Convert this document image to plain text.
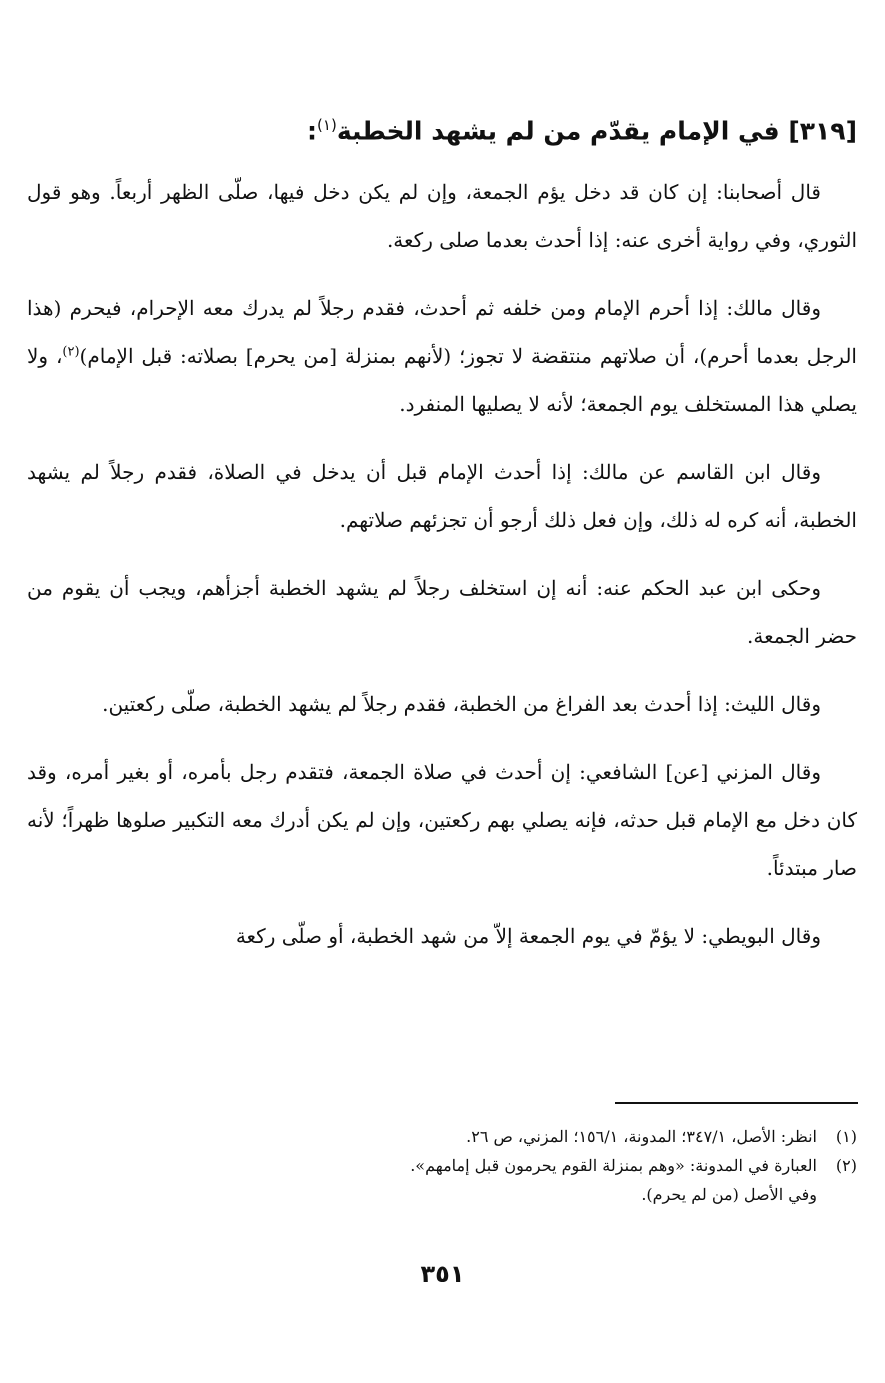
[٣١٩] في الإمام يقدّم من لم يشهد الخطبة$^{(١)}$:

قال أصحابنا: إن كان قد دخل يؤم الجمعة، وإن لم يكن دخل فيها، صلّى الظهر أربعاً. وهو قول الثوري، وفي رواية أخرى عنه: إذا أحدث بعدما صلى ركعة.

وقال مالك: إذا أحرم الإمام ومن خلفه ثم أحدث، فقدم رجلاً لم يدرك معه الإحرام، فيحرم (هذا الرجل بعدما أحرم)، أن صلاتهم منتقضة لا تجوز؛ (لأنهم بمنزلة [من يحرم] بصلاته: قبل الإمام)$^{(٢)}$، ولا يصلي هذا المستخلف يوم الجمعة؛ لأنه لا يصليها المنفرد.

وقال ابن القاسم عن مالك: إذا أحدث الإمام قبل أن يدخل في الصلاة، فقدم رجلاً لم يشهد الخطبة، أنه كره له ذلك، وإن فعل ذلك أرجو أن تجزئهم صلاتهم.

وحكى ابن عبد الحكم عنه: أنه إن استخلف رجلاً لم يشهد الخطبة أجزأهم، ويجب أن يقوم من حضر الجمعة.

وقال الليث: إذا أحدث بعد الفراغ من الخطبة، فقدم رجلاً لم يشهد الخطبة، صلّى ركعتين.

وقال المزني [عن] الشافعي: إن أحدث في صلاة الجمعة، فتقدم رجل بأمره، أو بغير أمره، وقد كان دخل مع الإمام قبل حدثه، فإنه يصلي بهم ركعتين، وإن لم يكن أدرك معه التكبير صلوها ظهراً؛ لأنه صار مبتدئاً.

وقال البويطي: لا يؤمّ في يوم الجمعة إلاّ من شهد الخطبة، أو صلّى ركعة

(١)انظر: الأصل، ٣٤٧/١؛ المدونة، ١٥٦/١؛ المزني، ص ٢٦.

(٢)العبارة في المدونة: «وهم بمنزلة القوم يحرمون قبل إمامهم».

وفي الأصل (من لم يحرم).

٣٥١
